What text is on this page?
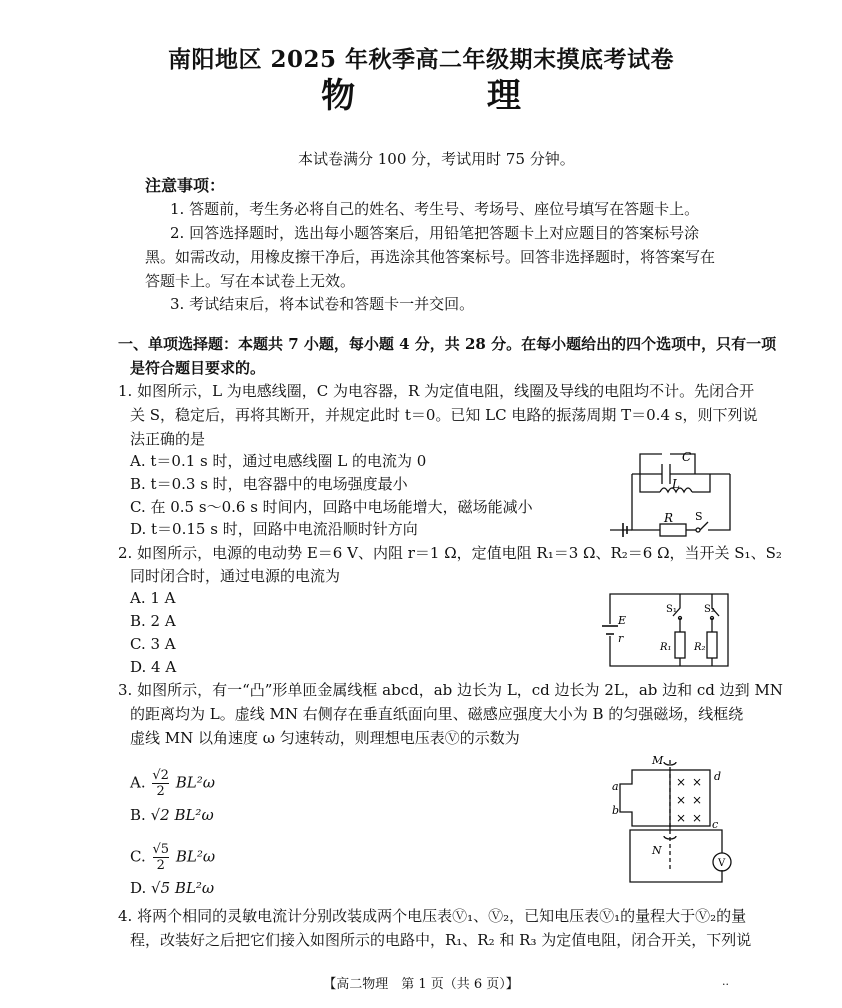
南阳地区 2025 年秋季高二年级期末摸底考试卷
物 理
本试卷满分 100 分，考试用时 75 分钟。
注意事项：
1. 答题前，考生务必将自己的姓名、考生号、考场号、座位号填写在答题卡上。
2. 回答选择题时，选出每小题答案后，用铅笔把答题卡上对应题目的答案标号涂
黑。如需改动，用橡皮擦干净后，再选涂其他答案标号。回答非选择题时，将答案写在
答题卡上。写在本试卷上无效。
3. 考试结束后，将本试卷和答题卡一并交回。
一、单项选择题：本题共 7 小题，每小题 4 分，共 28 分。在每小题给出的四个选项中，只有一项
是符合题目要求的。
1. 如图所示，L 为电感线圈，C 为电容器，R 为定值电阻，线圈及导线的电阻均不计。先闭合开
关 S，稳定后，再将其断开，并规定此时 t＝0。已知 LC 电路的振荡周期 T＝0.4 s，则下列说
法正确的是
A. t＝0.1 s 时，通过电感线圈 L 的电流为 0
B. t＝0.3 s 时，电容器中的电场强度最小
C. 在 0.5 s～0.6 s 时间内，回路中电场能增大，磁场能减小
D. t＝0.15 s 时，回路中电流沿顺时针方向
C
L
R S
2. 如图所示，电源的电动势 E＝6 V、内阻 r＝1 Ω，定值电阻 R₁＝3 Ω、R₂＝6 Ω，当开关 S₁、S₂
同时闭合时，通过电源的电流为
A. 1 A
B. 2 A
C. 3 A
D. 4 A
E
r
S₁	S₂
R₁ R₂
3. 如图所示，有一“凸”形单匝金属线框 abcd，ab 边长为 L，cd 边长为 2L，ab 边和 cd 边到 MN
的距离均为 L。虚线 MN 右侧存在垂直纸面向里、磁感应强度大小为 B 的匀强磁场，线框绕
虚线 MN 以角速度 ω 匀速转动，则理想电压表Ⓥ的示数为
A. $\frac{√2}{2} BL^2\omega$
B. √2 BL²ω
C. $\frac{√5}{2} BL^2\omega$
D. √5 BL²ω
M
N
a
b
d
c
V
× ×
× ×
× ×
4. 将两个相同的灵敏电流计分别改装成两个电压表Ⓥ₁、Ⓥ₂，已知电压表Ⓥ₁的量程大于Ⓥ₂的量
程，改装好之后把它们接入如图所示的电路中，R₁、R₂ 和 R₃ 为定值电阻，闭合开关，下列说
【高二物理　第 1 页（共 6 页）】	··
